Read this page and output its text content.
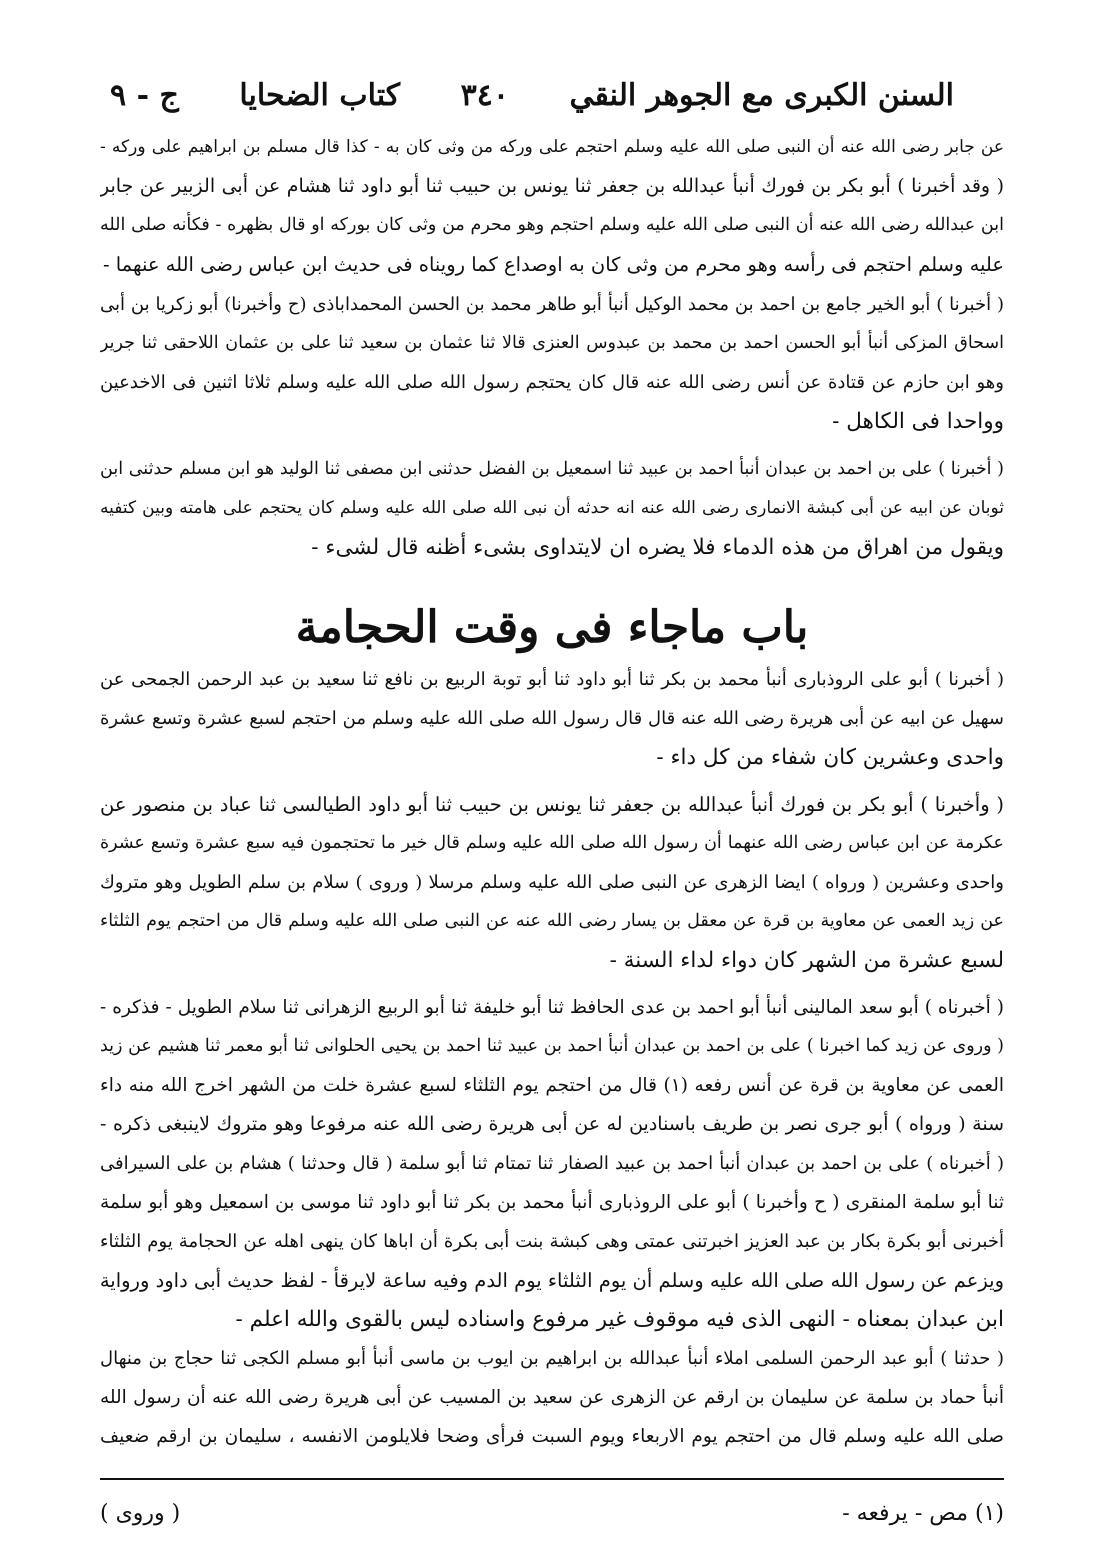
السنن الكبرى مع الجوهر النقي
٣٤٠
كتاب الضحايا
ج - ٩

عن جابر رضى الله عنه أن النبى صلى الله عليه وسلم احتجم على وركه من وثى كان به - كذا قال مسلم بن ابراهيم على وركه -
( وقد أخبرنا ) أبو بكر بن فورك أنبأ عبدالله بن جعفر ثنا يونس بن حبيب ثنا أبو داود ثنا هشام عن أبى الزبير عن جابر
ابن عبدالله رضى الله عنه أن النبى صلى الله عليه وسلم احتجم وهو محرم من وثى كان بوركه او قال بظهره - فكأنه صلى الله
عليه وسلم احتجم فى رأسه وهو محرم من وثى كان به اوصداع كما رويناه فى حديث ابن عباس رضى الله عنهما -

( أخبرنا ) أبو الخير جامع بن احمد بن محمد الوكيل أنبأ أبو طاهر محمد بن الحسن المحمداباذى (ح وأخبرنا) أبو زكريا بن أبى
اسحاق المزكى أنبأ أبو الحسن احمد بن محمد بن عبدوس العنزى قالا ثنا عثمان بن سعيد ثنا على بن عثمان اللاحقى ثنا جرير
وهو ابن حازم عن قتادة عن أنس رضى الله عنه قال كان يحتجم رسول الله صلى الله عليه وسلم ثلاثا اثنين فى الاخدعين
وواحدا فى الكاهل -

( أخبرنا ) على بن احمد بن عبدان أنبأ احمد بن عبيد ثنا اسمعيل بن الفضل حدثنى ابن مصفى ثنا الوليد هو ابن مسلم حدثنى ابن
ثوبان عن ابيه عن أبى كبشة الانمارى رضى الله عنه انه حدثه أن نبى الله صلى الله عليه وسلم كان يحتجم على هامته وبين كتفيه
ويقول من اهراق من هذه الدماء فلا يضره ان لايتداوى بشىء أظنه قال لشىء -

باب ماجاء فى وقت الحجامة

( أخبرنا ) أبو على الروذبارى أنبأ محمد بن بكر ثنا أبو داود ثنا أبو توبة الربيع بن نافع ثنا سعيد بن عبد الرحمن الجمحى عن
سهيل عن ابيه عن أبى هريرة رضى الله عنه قال قال رسول الله صلى الله عليه وسلم من احتجم لسبع عشرة وتسع عشرة
واحدى وعشرين كان شفاء من كل داء -

( وأخبرنا ) أبو بكر بن فورك أنبأ عبدالله بن جعفر ثنا يونس بن حبيب ثنا أبو داود الطيالسى ثنا عباد بن منصور عن
عكرمة عن ابن عباس رضى الله عنهما أن رسول الله صلى الله عليه وسلم قال خير ما تحتجمون فيه سبع عشرة وتسع عشرة
واحدى وعشرين ( ورواه ) ايضا الزهرى عن النبى صلى الله عليه وسلم مرسلا ( وروى ) سلام بن سلم الطويل وهو متروك
عن زيد العمى عن معاوية بن قرة عن معقل بن يسار رضى الله عنه عن النبى صلى الله عليه وسلم قال من احتجم يوم الثلثاء
لسبع عشرة من الشهر كان دواء لداء السنة -

( أخبرناه ) أبو سعد المالينى أنبأ أبو احمد بن عدى الحافظ ثنا أبو خليفة ثنا أبو الربيع الزهرانى ثنا سلام الطويل - فذكره -
( وروى عن زيد كما اخبرنا ) على بن احمد بن عبدان أنبأ احمد بن عبيد ثنا احمد بن يحيى الحلوانى ثنا أبو معمر ثنا هشيم عن زيد
العمى عن معاوية بن قرة عن أنس رفعه (١) قال من احتجم يوم الثلثاء لسبع عشرة خلت من الشهر اخرج الله منه داء
سنة ( ورواه ) أبو جرى نصر بن طريف باسنادين له عن أبى هريرة رضى الله عنه مرفوعا وهو متروك لاينبغى ذكره -
( أخبرناه ) على بن احمد بن عبدان أنبأ احمد بن عبيد الصفار ثنا تمتام ثنا أبو سلمة ( قال وحدثنا ) هشام بن على السيرافى
ثنا أبو سلمة المنقرى ( ح وأخبرنا ) أبو على الروذبارى أنبأ محمد بن بكر ثنا أبو داود ثنا موسى بن اسمعيل وهو أبو سلمة
أخبرنى أبو بكرة بكار بن عبد العزيز اخبرتنى عمتى وهى كبشة بنت أبى بكرة أن اباها كان ينهى اهله عن الحجامة يوم الثلثاء
ويزعم عن رسول الله صلى الله عليه وسلم أن يوم الثلثاء يوم الدم وفيه ساعة لايرقأ - لفظ حديث أبى داود ورواية
ابن عبدان بمعناه - النهى الذى فيه موقوف غير مرفوع واسناده ليس بالقوى والله اعلم -
( حدثنا ) أبو عبد الرحمن السلمى املاء أنبأ عبدالله بن ابراهيم بن ايوب بن ماسى أنبأ أبو مسلم الكجى ثنا حجاج بن منهال
أنبأ حماد بن سلمة عن سليمان بن ارقم عن الزهرى عن سعيد بن المسيب عن أبى هريرة رضى الله عنه أن رسول الله
صلى الله عليه وسلم قال من احتجم يوم الاربعاء ويوم السبت فرأى وضحا فلايلومن الانفسه ، سليمان بن ارقم ضعيف

(١) مص - يرفعه -
( وروى )
